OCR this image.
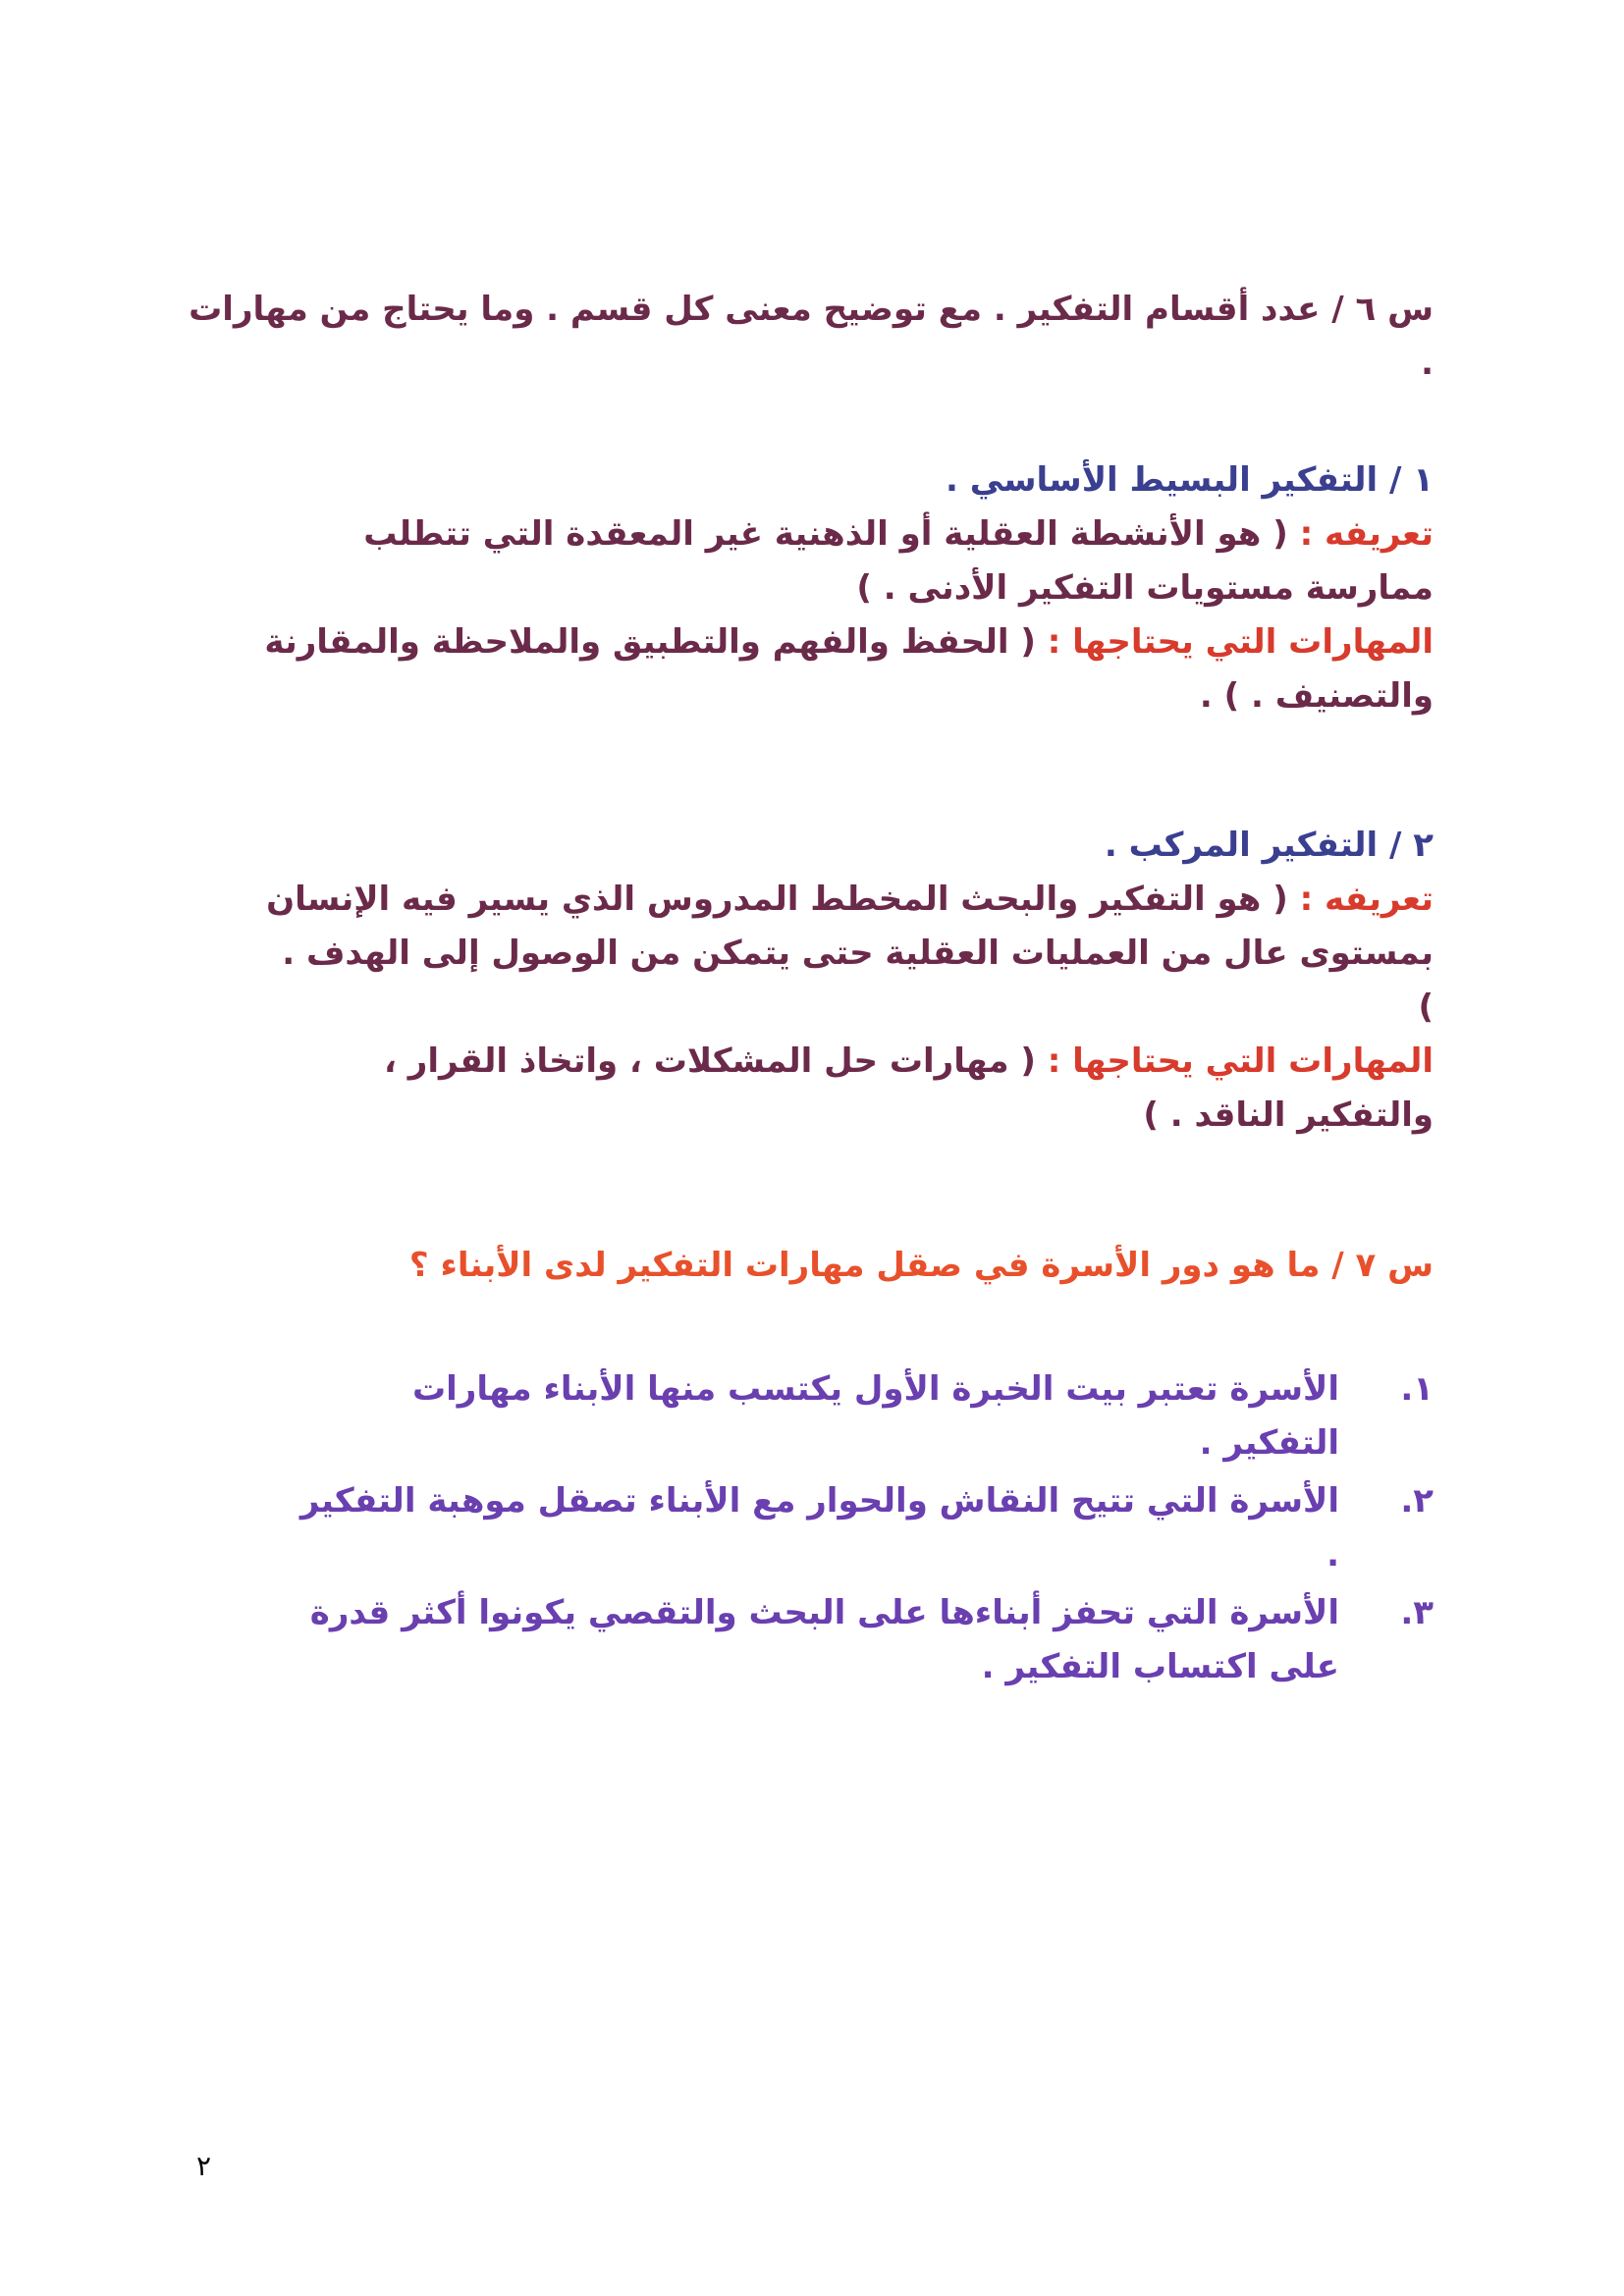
س ٦ / عدد أقسام التفكير . مع توضيح معنى كل قسم . وما يحتاج من مهارات .
١ / التفكير البسيط الأساسي .
تعريفه : ( هو الأنشطة العقلية أو الذهنية غير المعقدة التي تتطلب ممارسة مستويات التفكير الأدنى . )
المهارات التي يحتاجها : ( الحفظ والفهم والتطبيق والملاحظة والمقارنة والتصنيف . ) .
٢ / التفكير المركب .
تعريفه : ( هو التفكير والبحث المخطط المدروس الذي يسير فيه الإنسان بمستوى عال من العمليات العقلية حتى يتمكن من الوصول إلى الهدف . )
المهارات التي يحتاجها : ( مهارات حل المشكلات ، واتخاذ القرار ، والتفكير الناقد . )
س ٧ / ما هو دور الأسرة في صقل مهارات التفكير لدى الأبناء ؟
١.
الأسرة تعتبر بيت الخبرة الأول يكتسب منها الأبناء مهارات التفكير .
٢.
الأسرة التي تتيح النقاش والحوار مع الأبناء تصقل موهبة التفكير .
٣.
الأسرة التي تحفز أبناءها على البحث والتقصي يكونوا أكثر قدرة على اكتساب التفكير .
٢
